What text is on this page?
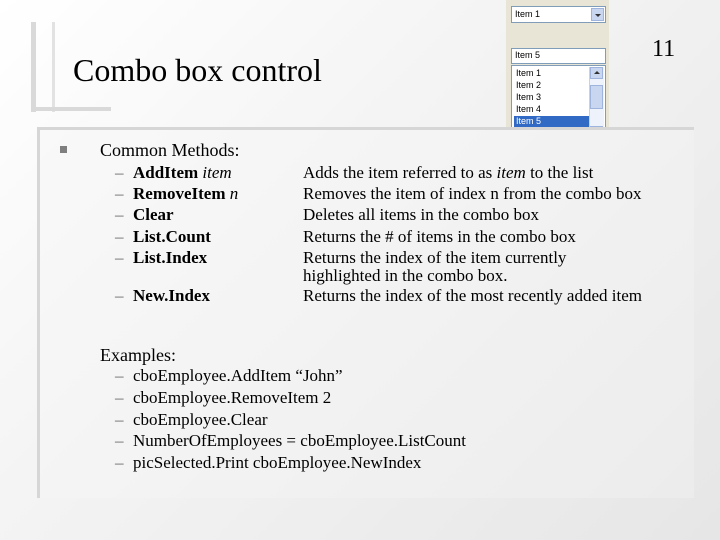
Combo box control
11
Item 1
Item 5
Item 1
Item 2
Item 3
Item 4
Item 5
Common Methods:
– AddItem item	Adds the item referred to as item to the list
– RemoveItem n	Removes the item of index n from the combo box
– Clear	Deletes all items in the combo box
– List.Count	Returns the # of items in the combo box
– List.Index	Returns the index of the item currently
highlighted in the combo box.
– New.Index	Returns the index of the most recently added item
Examples:
– cboEmployee.AddItem “John”
– cboEmployee.RemoveItem 2
– cboEmployee.Clear
– NumberOfEmployees = cboEmployee.ListCount
– picSelected.Print cboEmployee.NewIndex
